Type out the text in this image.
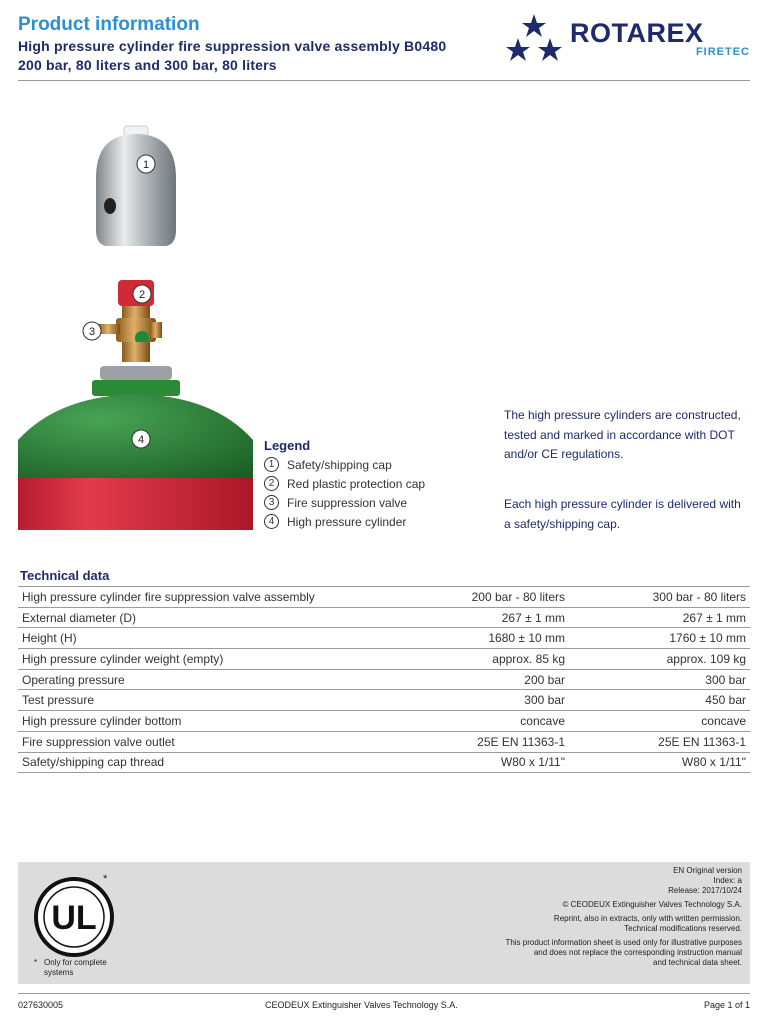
Product information
High pressure cylinder fire suppression valve assembly B0480
200 bar, 80 liters and 300 bar, 80 liters
ROTAREX
FIRETEC
1
2
3
4	Legend
1	Safety/shipping cap
2	Red plastic protection cap
3	Fire suppression valve
4	High pressure cylinder
The high pressure cylinders are constructed, tested and marked in accordance with DOT and/or CE regulations.
Each high pressure cylinder is delivered with a safety/shipping cap.
Technical data
High pressure cylinder fire suppression valve assembly	200 bar - 80 liters	300 bar - 80 liters
External diameter (D)	267 ± 1 mm	267 ± 1 mm
Height (H)	1680 ± 10 mm	1760 ± 10 mm
High pressure cylinder weight (empty)	approx. 85 kg	approx. 109 kg
Operating pressure	200 bar	300 bar
Test pressure	300 bar	450 bar
High pressure cylinder bottom	concave	concave
Fire suppression valve outlet	25E EN 11363-1	25E EN 11363-1
Safety/shipping cap thread	W80 x 1/11"	W80 x 1/11"
UL
*
* Only for complete
systems
EN Original version
Index: a
Release: 2017/10/24
© CEODEUX Extinguisher Valves Technology S.A.
Reprint, also in extracts, only with written permission.
Technical modifications reserved.
This product information sheet is used only for illustrative purposes
and does not replace the corresponding instruction manual
and technical data sheet.
027630005	CEODEUX Extinguisher Valves Technology S.A.	Page 1 of 1
